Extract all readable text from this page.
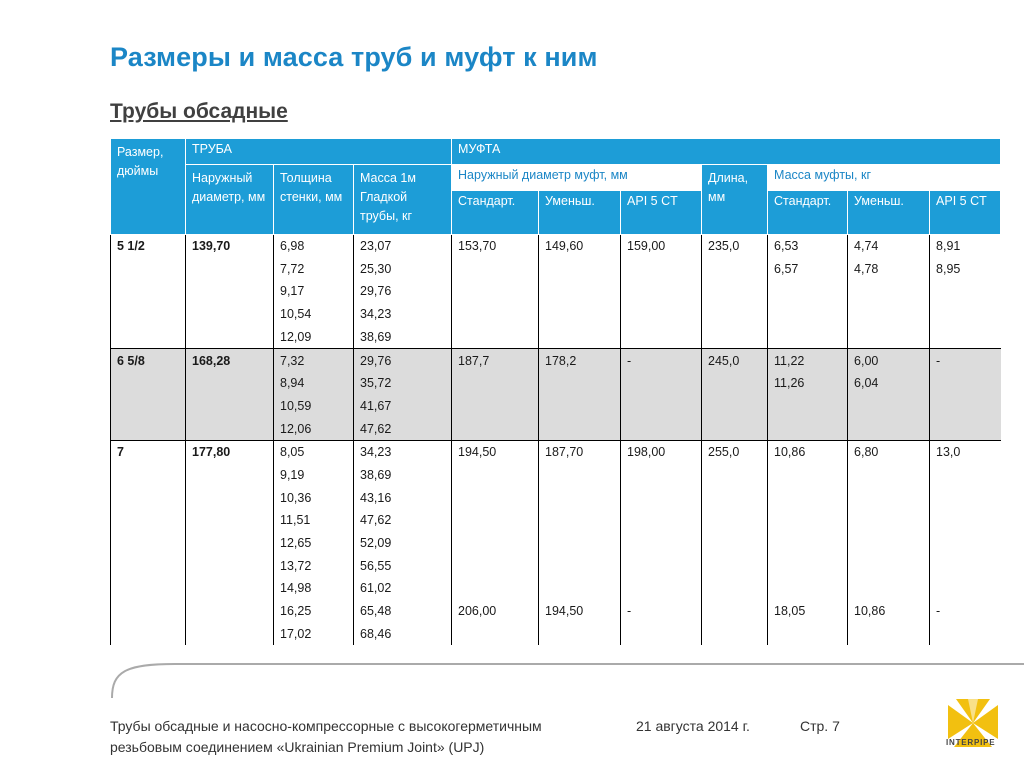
Размеры и масса труб и муфт к ним
Трубы обсадные
Размер, дюймы	ТРУБА			МУФТА						
	Наружный диаметр, мм	Толщина стенки, мм	Масса 1м Гладкой трубы, кг	Наружный диаметр муфт, мм			Длина, мм	Масса муфты, кг		
				Стандарт.	Уменьш.	API 5 CT		Стандарт.	Уменьш.	API 5 CT
5 1/2	139,70	6,98	23,07	153,70	149,60	159,00	235,0	6,53	4,74	8,91
		7,72	25,30					6,57	4,78	8,95
		9,17	29,76							
		10,54	34,23							
		12,09	38,69							
6 5/8	168,28	7,32	29,76	187,7	178,2	-	245,0	11,22	6,00	-
		8,94	35,72					11,26	6,04	
		10,59	41,67							
		12,06	47,62							
7	177,80	8,05	34,23	194,50	187,70	198,00	255,0	10,86	6,80	13,0
		9,19	38,69							
		10,36	43,16							
		11,51	47,62							
		12,65	52,09							
		13,72	56,55							
		14,98	61,02							
		16,25	65,48	206,00	194,50	-		18,05	10,86	-
		17,02	68,46							
Трубы обсадные и насосно-компрессорные с высокогерметичным
резьбовым соединением «Ukrainian Premium Joint» (UPJ)
21 августа 2014 г.	Стр. 7
INTERPIPE
